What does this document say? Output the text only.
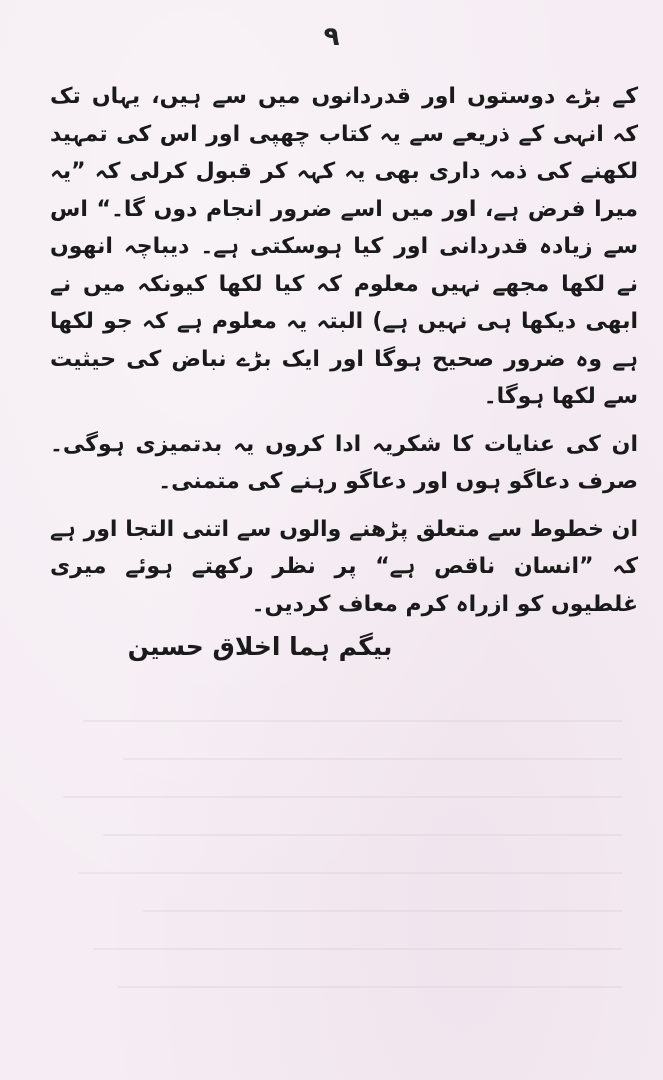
۹

کے بڑے دوستوں اور قدردانوں میں سے ہیں، یہاں تک کہ انہی کے ذریعے سے یہ کتاب چھپی اور اس کی تمہید لکھنے کی ذمہ داری بھی یہ کہہ کر قبول کرلی کہ ”یہ میرا فرض ہے، اور میں اسے ضرور انجام دوں گا۔“ اس سے زیادہ قدردانی اور کیا ہوسکتی ہے۔ دیباچہ انھوں نے لکھا مجھے نہیں معلوم کہ کیا لکھا کیونکہ میں نے ابھی دیکھا ہی نہیں ہے) البتہ یہ معلوم ہے کہ جو لکھا ہے وہ ضرور صحیح ہوگا اور ایک بڑے نباض کی حیثیت سے لکھا ہوگا۔

ان کی عنایات کا شکریہ ادا کروں یہ بدتمیزی ہوگی۔ صرف دعاگو ہوں اور دعاگو رہنے کی متمنی۔

ان خطوط سے متعلق پڑھنے والوں سے اتنی التجا اور ہے کہ ”انسان ناقص ہے“ پر نظر رکھتے ہوئے میری غلطیوں کو ازراہ کرم معاف کردیں۔

بیگم ہما اخلاق حسین
